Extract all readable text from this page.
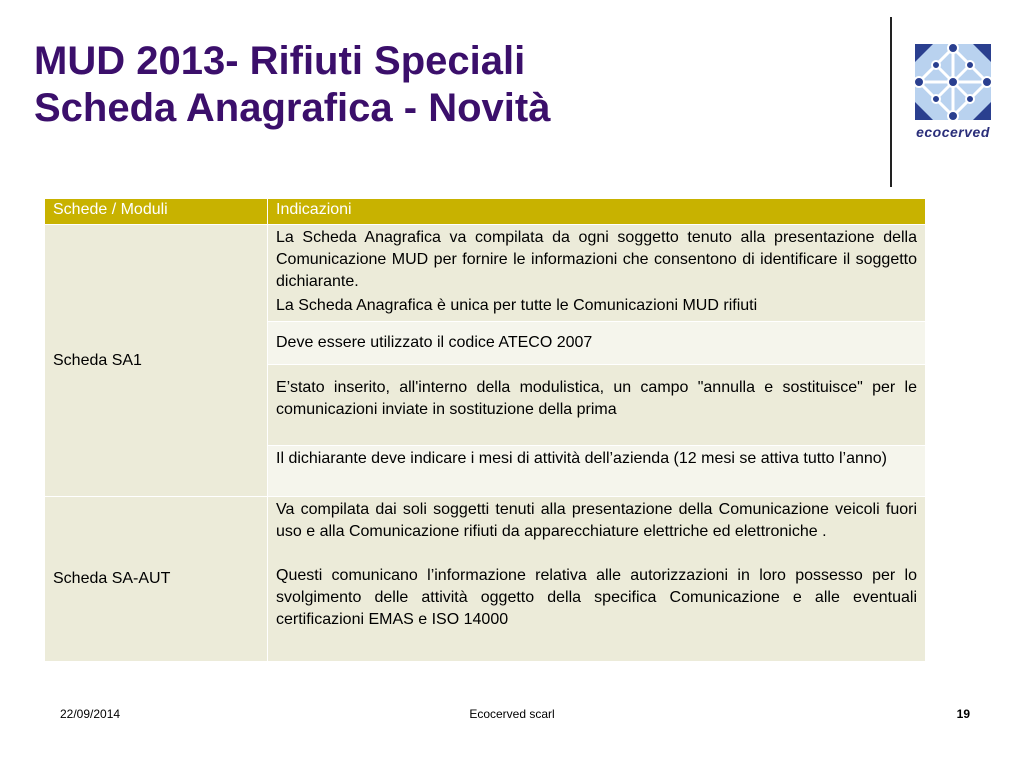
MUD 2013- Rifiuti Speciali
Scheda Anagrafica - Novità
ecocerved
Schede / Moduli	Indicazioni
Scheda SA1	La Scheda Anagrafica va compilata da ogni soggetto tenuto alla presentazione della Comunicazione MUD per fornire le informazioni che consentono di identificare il soggetto dichiarante.

La Scheda Anagrafica è unica per tutte le Comunicazioni MUD rifiuti

	Deve essere utilizzato il codice ATECO 2007

	E’stato inserito, all'interno della modulistica, un campo "annulla e sostituisce" per le comunicazioni inviate in sostituzione della prima

	Il dichiarante deve indicare i mesi di attività dell’azienda (12 mesi se attiva tutto l’anno)

Scheda SA-AUT	Va compilata dai soli soggetti tenuti alla presentazione della Comunicazione veicoli fuori uso e alla Comunicazione rifiuti da apparecchiature elettriche ed elettroniche .

Questi comunicano l’informazione relativa alle autorizzazioni in loro possesso per lo svolgimento delle attività oggetto della specifica Comunicazione e alle eventuali certificazioni EMAS e ISO 14000

22/09/2014	Ecocerved scarl	19
